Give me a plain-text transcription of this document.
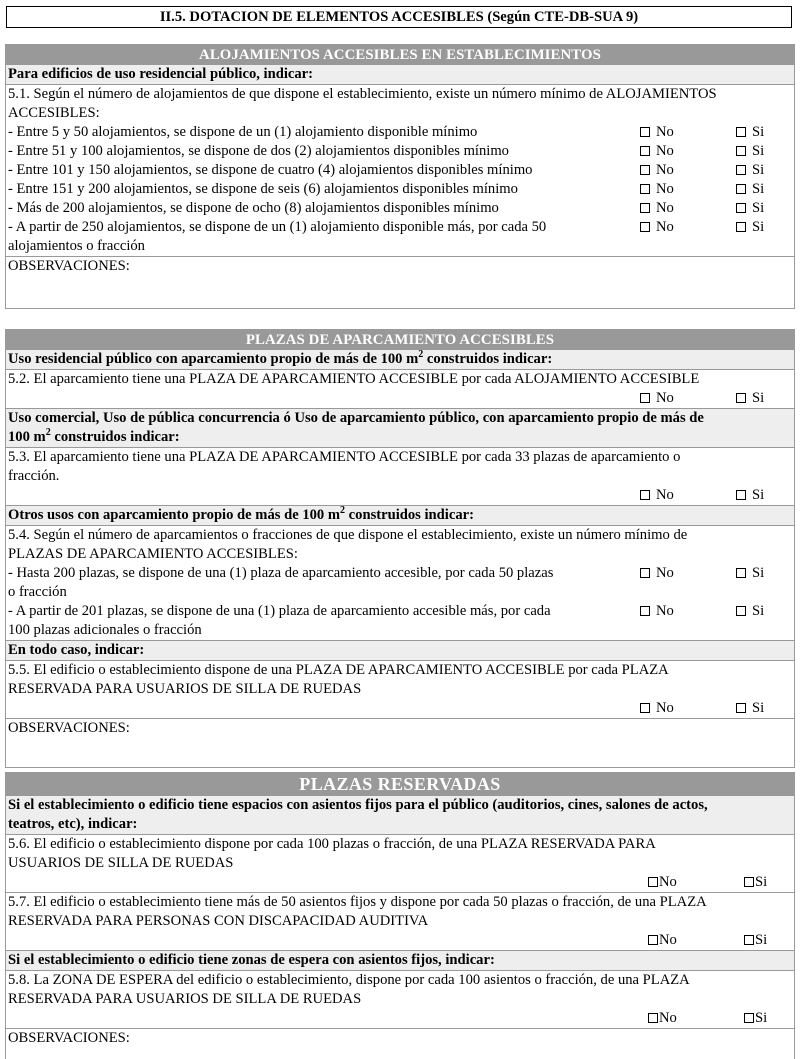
II.5. DOTACION DE ELEMENTOS ACCESIBLES (Según CTE-DB-SUA 9)
ALOJAMIENTOS ACCESIBLES EN ESTABLECIMIENTOS
Para edificios de uso residencial público, indicar:
5.1. Según el número de alojamientos de que dispone el establecimiento, existe un número mínimo de ALOJAMIENTOS
ACCESIBLES:
- Entre 5 y 50 alojamientos, se dispone de un (1) alojamiento disponible mínimo	No	Si
- Entre 51 y 100 alojamientos, se dispone de dos (2) alojamientos disponibles mínimo	No	Si
- Entre 101 y 150 alojamientos, se dispone de cuatro (4) alojamientos disponibles mínimo	No	Si
- Entre 151 y 200 alojamientos, se dispone de seis (6) alojamientos disponibles mínimo	No	Si
- Más de 200 alojamientos, se dispone de ocho (8) alojamientos disponibles mínimo	No	Si
- A partir de 250 alojamientos, se dispone de un (1) alojamiento disponible más, por cada 50
alojamientos o fracción
No	Si
OBSERVACIONES:
PLAZAS DE APARCAMIENTO ACCESIBLES
Uso residencial público con aparcamiento propio de más de 100 $m^2$ construidos indicar:
5.2. El aparcamiento tiene una PLAZA DE APARCAMIENTO ACCESIBLE por cada ALOJAMIENTO ACCESIBLE
No	Si
Uso comercial, Uso de pública concurrencia ó Uso de aparcamiento público, con aparcamiento propio de más de
100 $m^2$ construidos indicar:
5.3. El aparcamiento tiene una PLAZA DE APARCAMIENTO ACCESIBLE por cada 33 plazas de aparcamiento o
fracción.
No	Si
Otros usos con aparcamiento propio de más de 100 $m^2$ construidos indicar:
5.4. Según el número de aparcamientos o fracciones de que dispone el establecimiento, existe un número mínimo de
PLAZAS DE APARCAMIENTO ACCESIBLES:
- Hasta 200 plazas, se dispone de una (1) plaza de aparcamiento accesible, por cada 50 plazas
o fracción
No	Si
- A partir de 201 plazas, se dispone de una (1) plaza de aparcamiento accesible más, por cada
100 plazas adicionales o fracción
No	Si
En todo caso, indicar:
5.5. El edificio o establecimiento dispone de una PLAZA DE APARCAMIENTO ACCESIBLE por cada PLAZA
RESERVADA PARA USUARIOS DE SILLA DE RUEDAS
No	Si
OBSERVACIONES:
PLAZAS RESERVADAS
Si el establecimiento o edificio tiene espacios con asientos fijos para el público (auditorios, cines, salones de actos,
teatros, etc), indicar:
5.6. El edificio o establecimiento dispone por cada 100 plazas o fracción, de una PLAZA RESERVADA PARA
USUARIOS DE SILLA DE RUEDAS
No	Si
5.7. El edificio o establecimiento tiene más de 50 asientos fijos y dispone por cada 50 plazas o fracción, de una PLAZA
RESERVADA PARA PERSONAS CON DISCAPACIDAD AUDITIVA
No	Si
Si el establecimiento o edificio tiene zonas de espera con asientos fijos, indicar:
5.8. La ZONA DE ESPERA del edificio o establecimiento, dispone por cada 100 asientos o fracción, de una PLAZA
RESERVADA PARA USUARIOS DE SILLA DE RUEDAS
No	Si
OBSERVACIONES:
